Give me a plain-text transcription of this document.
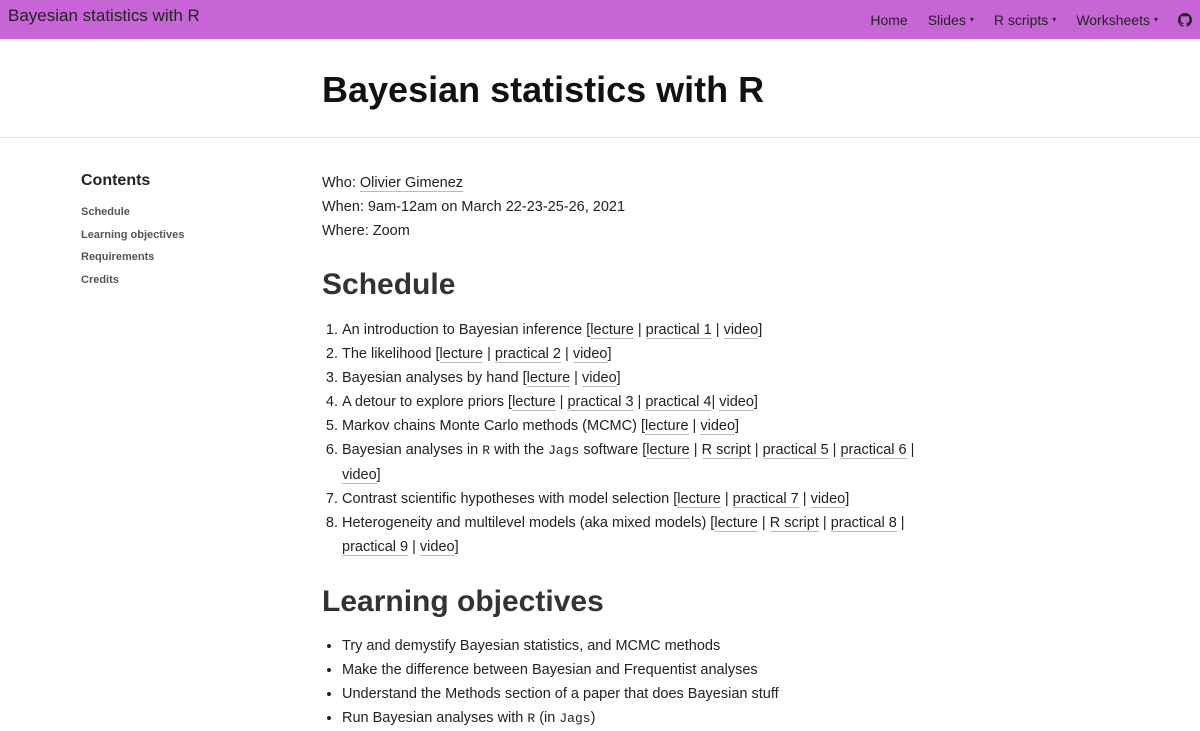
Bayesian statistics with R	Home Slides ▾ R scripts ▾ Worksheets ▾
Bayesian statistics with R
Contents
Schedule
Learning objectives
Requirements
Credits
Who: Olivier Gimenez
When: 9am-12am on March 22-23-25-26, 2021
Where: Zoom
Schedule
1. An introduction to Bayesian inference [lecture | practical 1 | video]
2. The likelihood [lecture | practical 2 | video]
3. Bayesian analyses by hand [lecture | video]
4. A detour to explore priors [lecture | practical 3 | practical 4| video]
5. Markov chains Monte Carlo methods (MCMC) [lecture | video]
6. Bayesian analyses in R with the Jags software [lecture | R script | practical 5 | practical 6 | video]
7. Contrast scientific hypotheses with model selection [lecture | practical 7 | video]
8. Heterogeneity and multilevel models (aka mixed models) [lecture | R script | practical 8 | practical 9 | video]
Learning objectives
• Try and demystify Bayesian statistics, and MCMC methods
• Make the difference between Bayesian and Frequentist analyses
• Understand the Methods section of a paper that does Bayesian stuff
• Run Bayesian analyses with R (in Jags)
